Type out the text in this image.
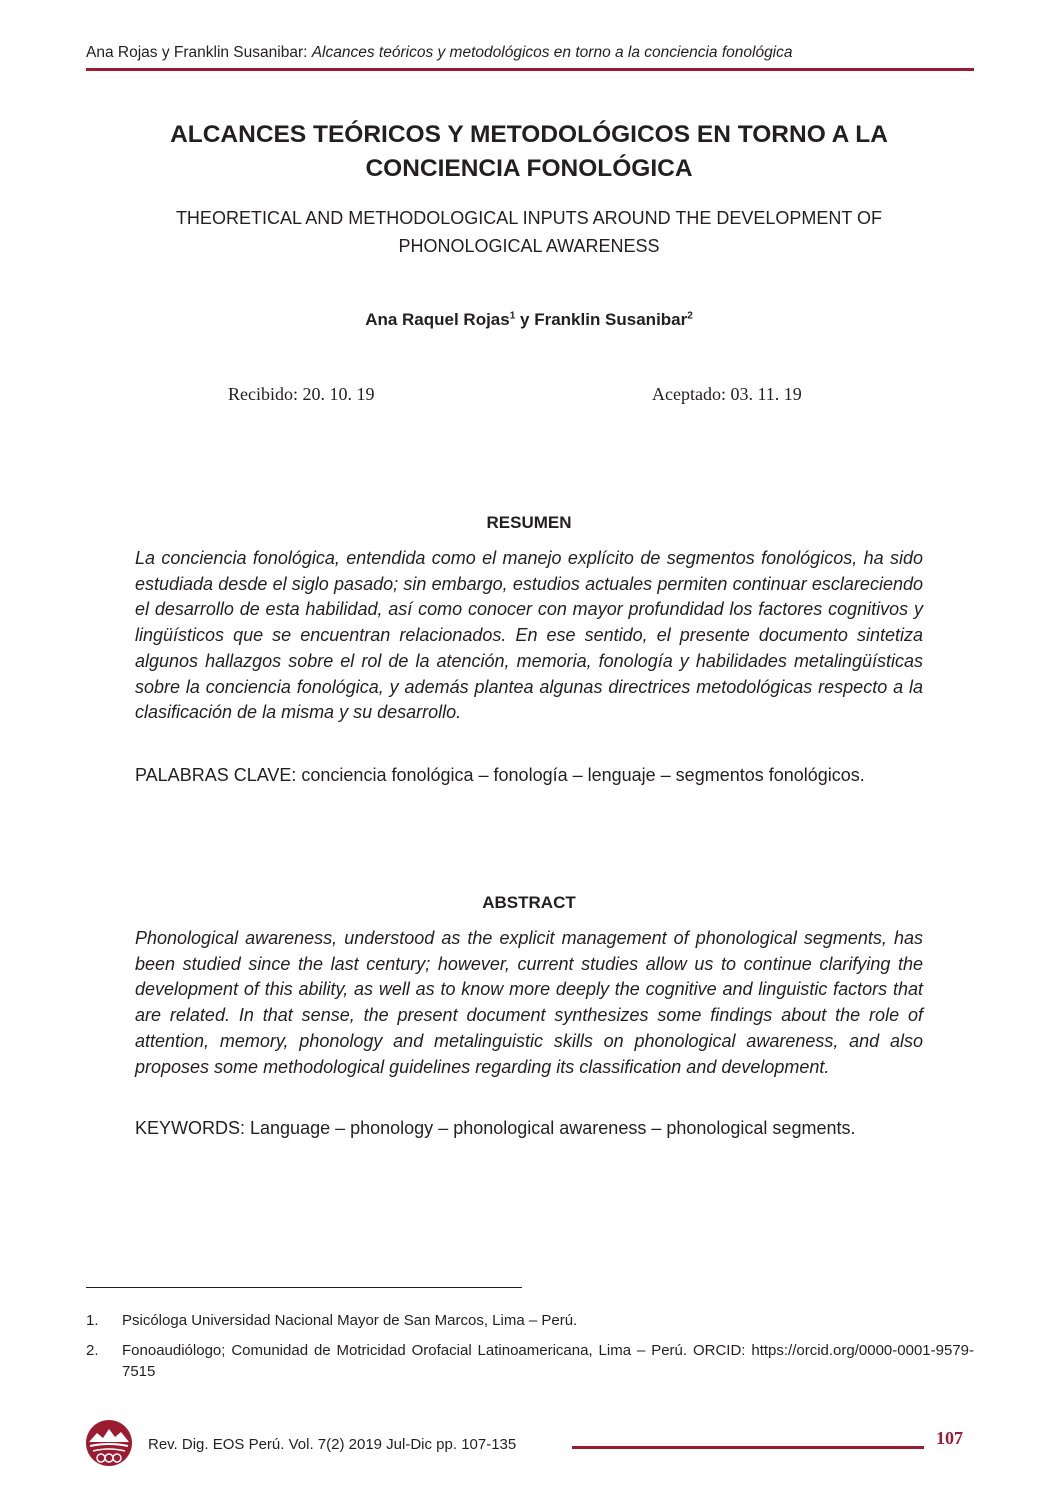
Ana Rojas y Franklin Susanibar: Alcances teóricos y metodológicos en torno a la conciencia fonológica
ALCANCES TEÓRICOS Y METODOLÓGICOS EN TORNO A LA
CONCIENCIA FONOLÓGICA
THEORETICAL AND METHODOLOGICAL INPUTS AROUND THE DEVELOPMENT OF
PHONOLOGICAL AWARENESS
Ana Raquel Rojas$^1$ y Franklin Susanibar$^2$
Recibido: 20. 10. 19	Aceptado: 03. 11. 19
RESUMEN
La conciencia fonológica, entendida como el manejo explícito de segmentos fonológicos, ha sido estudiada desde el siglo pasado; sin embargo, estudios actuales permiten continuar esclareciendo el desarrollo de esta habilidad, así como conocer con mayor profundidad los factores cognitivos y lingüísticos que se encuentran relacionados. En ese sentido, el presente documento sintetiza algunos hallazgos sobre el rol de la atención, memoria, fonología y habilidades metalingüísticas sobre la conciencia fonológica, y además plantea algunas directrices metodológicas respecto a la clasificación de la misma y su desarrollo.
PALABRAS CLAVE: conciencia fonológica – fonología – lenguaje – segmentos fonológicos.
ABSTRACT
Phonological awareness, understood as the explicit management of phonological segments, has been studied since the last century; however, current studies allow us to continue clarifying the development of this ability, as well as to know more deeply the cognitive and linguistic factors that are related. In that sense, the present document synthesizes some findings about the role of attention, memory, phonology and metalinguistic skills on phonological awareness, and also proposes some methodological guidelines regarding its classification and development.
KEYWORDS: Language – phonology – phonological awareness – phonological segments.
1. Psicóloga Universidad Nacional Mayor de San Marcos, Lima – Perú.
2. Fonoaudiólogo; Comunidad de Motricidad Orofacial Latinoamericana, Lima – Perú. ORCID: https://orcid.org/0000-0001-9579-7515
Rev. Dig. EOS Perú. Vol. 7(2) 2019 Jul-Dic pp. 107-135	107
